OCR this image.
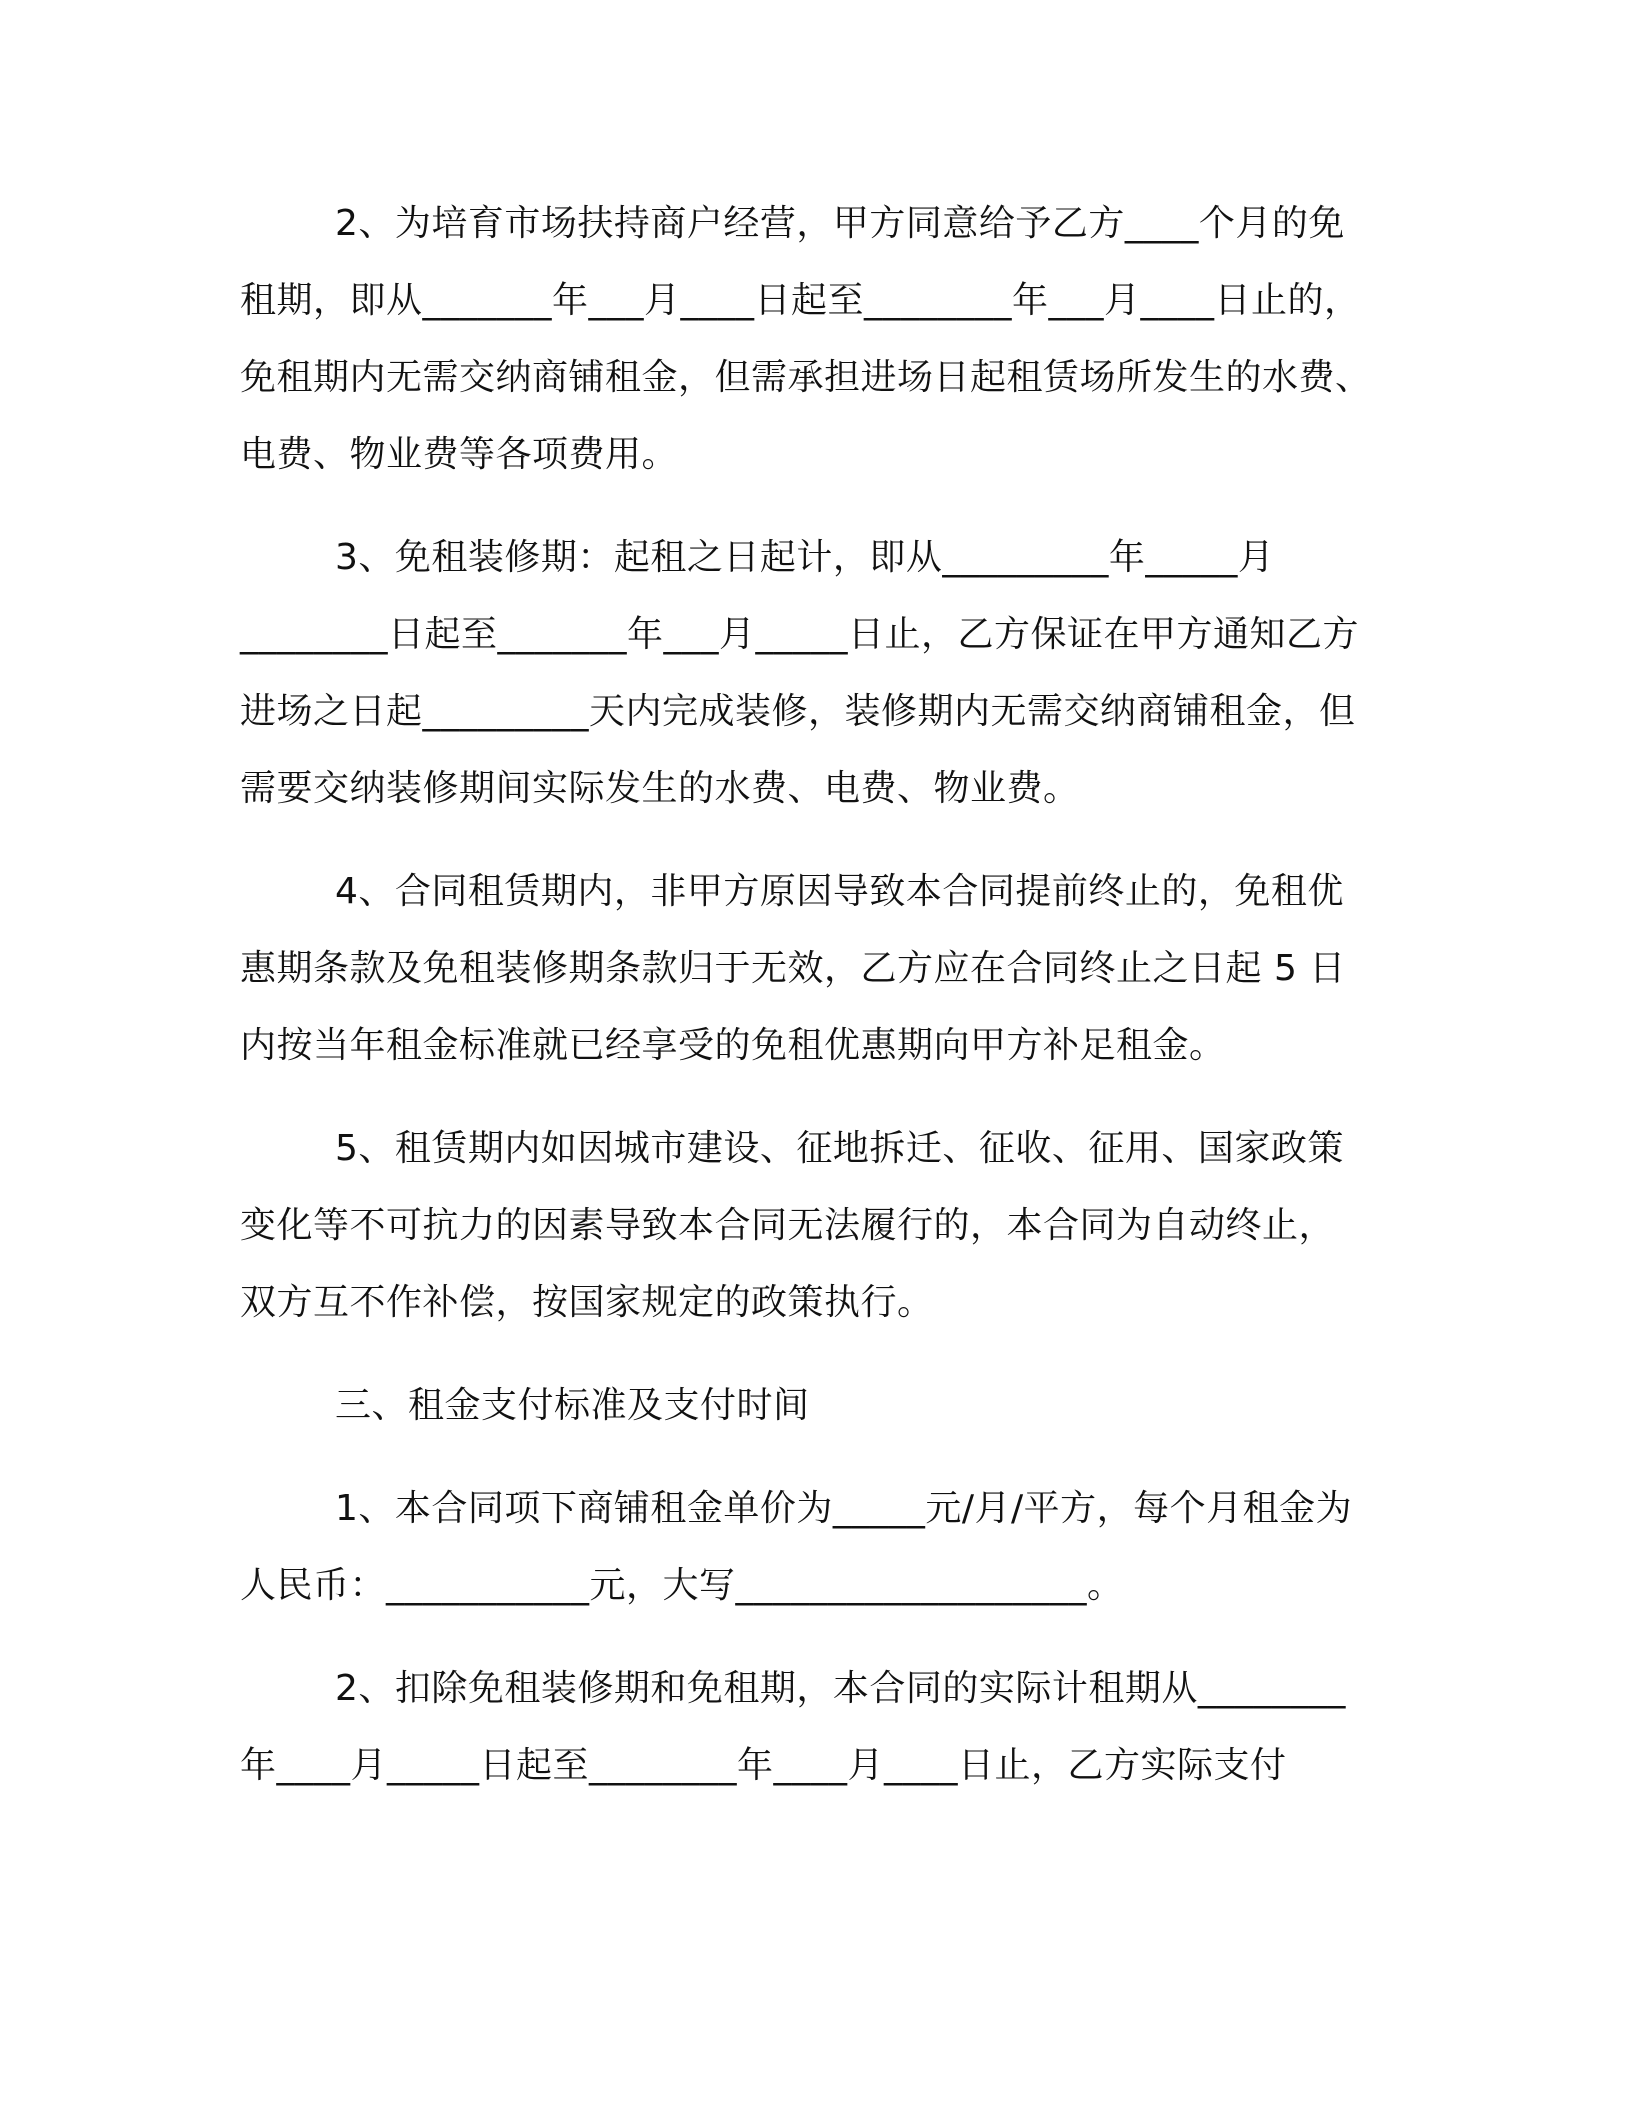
2、为培育市场扶持商户经营，甲方同意给予乙方____个月的免
租期，即从_______年___月____日起至________年___月____日止的，
免租期内无需交纳商铺租金，但需承担进场日起租赁场所发生的水费、
电费、物业费等各项费用。

3、免租装修期：起租之日起计，即从_________年_____月
________日起至_______年___月_____日止，乙方保证在甲方通知乙方
进场之日起_________天内完成装修，装修期内无需交纳商铺租金，但
需要交纳装修期间实际发生的水费、电费、物业费。

4、合同租赁期内，非甲方原因导致本合同提前终止的，免租优
惠期条款及免租装修期条款归于无效，乙方应在合同终止之日起 5 日
内按当年租金标准就已经享受的免租优惠期向甲方补足租金。

5、租赁期内如因城市建设、征地拆迁、征收、征用、国家政策
变化等不可抗力的因素导致本合同无法履行的，本合同为自动终止，
双方互不作补偿，按国家规定的政策执行。

三、租金支付标准及支付时间

1、本合同项下商铺租金单价为_____元/月/平方，每个月租金为
人民币：___________元，大写___________________。

2、扣除免租装修期和免租期，本合同的实际计租期从________
年____月_____日起至________年____月____日止，乙方实际支付
